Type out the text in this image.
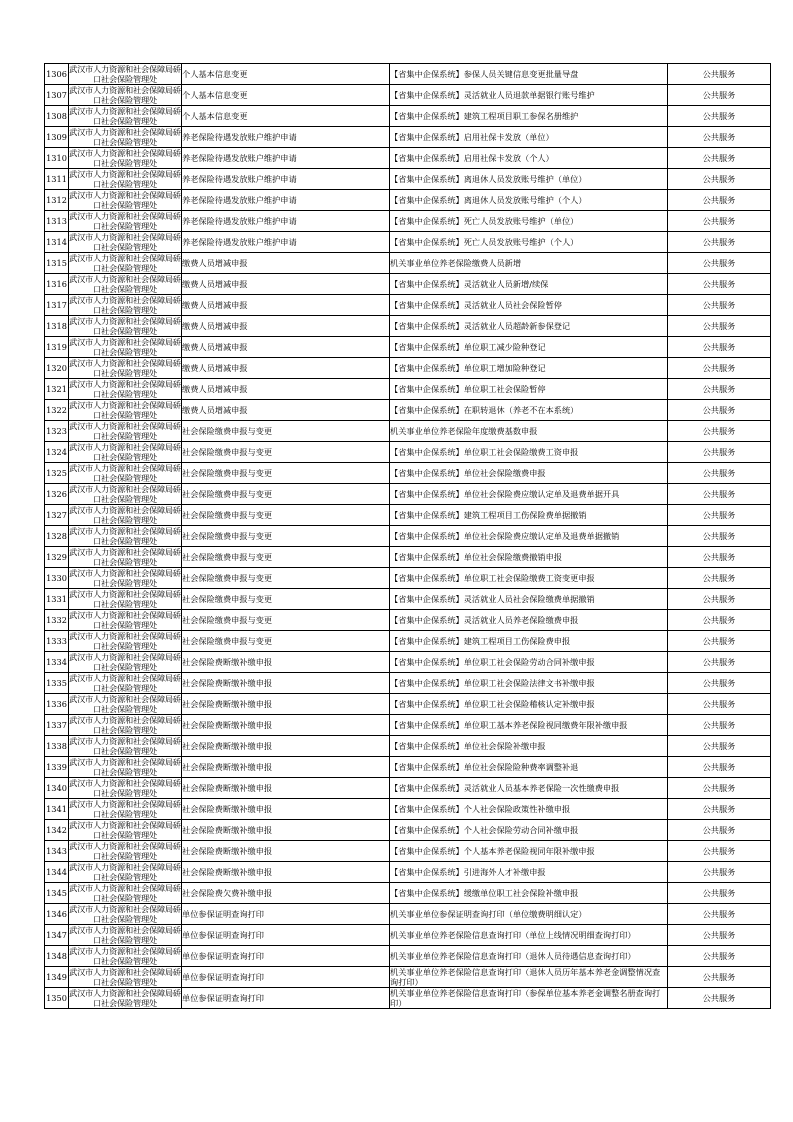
1306	武汉市人力资源和社会保障局硚口社会保险管理处	个人基本信息变更	【省集中企保系统】参保人员关键信息变更批量导盘	公共服务

1307	武汉市人力资源和社会保障局硚口社会保险管理处	个人基本信息变更	【省集中企保系统】灵活就业人员退款单据银行账号维护	公共服务

1308	武汉市人力资源和社会保障局硚口社会保险管理处	个人基本信息变更	【省集中企保系统】建筑工程项目职工参保名册维护	公共服务

1309	武汉市人力资源和社会保障局硚口社会保险管理处	养老保险待遇发放账户维护申请	【省集中企保系统】启用社保卡发放（单位）	公共服务

1310	武汉市人力资源和社会保障局硚口社会保险管理处	养老保险待遇发放账户维护申请	【省集中企保系统】启用社保卡发放（个人）	公共服务

1311	武汉市人力资源和社会保障局硚口社会保险管理处	养老保险待遇发放账户维护申请	【省集中企保系统】离退休人员发放账号维护（单位）	公共服务

1312	武汉市人力资源和社会保障局硚口社会保险管理处	养老保险待遇发放账户维护申请	【省集中企保系统】离退休人员发放账号维护（个人）	公共服务

1313	武汉市人力资源和社会保障局硚口社会保险管理处	养老保险待遇发放账户维护申请	【省集中企保系统】死亡人员发放账号维护（单位）	公共服务

1314	武汉市人力资源和社会保障局硚口社会保险管理处	养老保险待遇发放账户维护申请	【省集中企保系统】死亡人员发放账号维护（个人）	公共服务

1315	武汉市人力资源和社会保障局硚口社会保险管理处	缴费人员增减申报	机关事业单位养老保险缴费人员新增	公共服务

1316	武汉市人力资源和社会保障局硚口社会保险管理处	缴费人员增减申报	【省集中企保系统】灵活就业人员新增/续保	公共服务

1317	武汉市人力资源和社会保障局硚口社会保险管理处	缴费人员增减申报	【省集中企保系统】灵活就业人员社会保险暂停	公共服务

1318	武汉市人力资源和社会保障局硚口社会保险管理处	缴费人员增减申报	【省集中企保系统】灵活就业人员超龄新参保登记	公共服务

1319	武汉市人力资源和社会保障局硚口社会保险管理处	缴费人员增减申报	【省集中企保系统】单位职工减少险种登记	公共服务

1320	武汉市人力资源和社会保障局硚口社会保险管理处	缴费人员增减申报	【省集中企保系统】单位职工增加险种登记	公共服务

1321	武汉市人力资源和社会保障局硚口社会保险管理处	缴费人员增减申报	【省集中企保系统】单位职工社会保险暂停	公共服务

1322	武汉市人力资源和社会保障局硚口社会保险管理处	缴费人员增减申报	【省集中企保系统】在职转退休（养老不在本系统）	公共服务

1323	武汉市人力资源和社会保障局硚口社会保险管理处	社会保险缴费申报与变更	机关事业单位养老保险年度缴费基数申报	公共服务

1324	武汉市人力资源和社会保障局硚口社会保险管理处	社会保险缴费申报与变更	【省集中企保系统】单位职工社会保险缴费工资申报	公共服务

1325	武汉市人力资源和社会保障局硚口社会保险管理处	社会保险缴费申报与变更	【省集中企保系统】单位社会保险缴费申报	公共服务

1326	武汉市人力资源和社会保障局硚口社会保险管理处	社会保险缴费申报与变更	【省集中企保系统】单位社会保险费应缴认定单及退费单据开具	公共服务

1327	武汉市人力资源和社会保障局硚口社会保险管理处	社会保险缴费申报与变更	【省集中企保系统】建筑工程项目工伤保险费单据撤销	公共服务

1328	武汉市人力资源和社会保障局硚口社会保险管理处	社会保险缴费申报与变更	【省集中企保系统】单位社会保险费应缴认定单及退费单据撤销	公共服务

1329	武汉市人力资源和社会保障局硚口社会保险管理处	社会保险缴费申报与变更	【省集中企保系统】单位社会保险缴费撤销申报	公共服务

1330	武汉市人力资源和社会保障局硚口社会保险管理处	社会保险缴费申报与变更	【省集中企保系统】单位职工社会保险缴费工资变更申报	公共服务

1331	武汉市人力资源和社会保障局硚口社会保险管理处	社会保险缴费申报与变更	【省集中企保系统】灵活就业人员社会保险缴费单据撤销	公共服务

1332	武汉市人力资源和社会保障局硚口社会保险管理处	社会保险缴费申报与变更	【省集中企保系统】灵活就业人员养老保险缴费申报	公共服务

1333	武汉市人力资源和社会保障局硚口社会保险管理处	社会保险缴费申报与变更	【省集中企保系统】建筑工程项目工伤保险费申报	公共服务

1334	武汉市人力资源和社会保障局硚口社会保险管理处	社会保险费断缴补缴申报	【省集中企保系统】单位职工社会保险劳动合同补缴申报	公共服务

1335	武汉市人力资源和社会保障局硚口社会保险管理处	社会保险费断缴补缴申报	【省集中企保系统】单位职工社会保险法律文书补缴申报	公共服务

1336	武汉市人力资源和社会保障局硚口社会保险管理处	社会保险费断缴补缴申报	【省集中企保系统】单位职工社会保险稽核认定补缴申报	公共服务

1337	武汉市人力资源和社会保障局硚口社会保险管理处	社会保险费断缴补缴申报	【省集中企保系统】单位职工基本养老保险视同缴费年限补缴申报	公共服务

1338	武汉市人力资源和社会保障局硚口社会保险管理处	社会保险费断缴补缴申报	【省集中企保系统】单位社会保险补缴申报	公共服务

1339	武汉市人力资源和社会保障局硚口社会保险管理处	社会保险费断缴补缴申报	【省集中企保系统】单位社会保险险种费率调整补退	公共服务

1340	武汉市人力资源和社会保障局硚口社会保险管理处	社会保险费断缴补缴申报	【省集中企保系统】灵活就业人员基本养老保险一次性缴费申报	公共服务

1341	武汉市人力资源和社会保障局硚口社会保险管理处	社会保险费断缴补缴申报	【省集中企保系统】个人社会保险政策性补缴申报	公共服务

1342	武汉市人力资源和社会保障局硚口社会保险管理处	社会保险费断缴补缴申报	【省集中企保系统】个人社会保险劳动合同补缴申报	公共服务

1343	武汉市人力资源和社会保障局硚口社会保险管理处	社会保险费断缴补缴申报	【省集中企保系统】个人基本养老保险视同年限补缴申报	公共服务

1344	武汉市人力资源和社会保障局硚口社会保险管理处	社会保险费断缴补缴申报	【省集中企保系统】引进海外人才补缴申报	公共服务

1345	武汉市人力资源和社会保障局硚口社会保险管理处	社会保险费欠费补缴申报	【省集中企保系统】缓缴单位职工社会保险补缴申报	公共服务

1346	武汉市人力资源和社会保障局硚口社会保险管理处	单位参保证明查询打印	机关事业单位参保证明查询打印（单位缴费明细认定）	公共服务

1347	武汉市人力资源和社会保障局硚口社会保险管理处	单位参保证明查询打印	机关事业单位养老保险信息查询打印（单位上线情况明细查询打印）	公共服务

1348	武汉市人力资源和社会保障局硚口社会保险管理处	单位参保证明查询打印	机关事业单位养老保险信息查询打印（退休人员待遇信息查询打印）	公共服务

1349	武汉市人力资源和社会保障局硚口社会保险管理处	单位参保证明查询打印	机关事业单位养老保险信息查询打印（退休人员历年基本养老金调整情况查询打印）	公共服务

1350	武汉市人力资源和社会保障局硚口社会保险管理处	单位参保证明查询打印	机关事业单位养老保险信息查询打印（参保单位基本养老金调整名册查询打印）	公共服务
